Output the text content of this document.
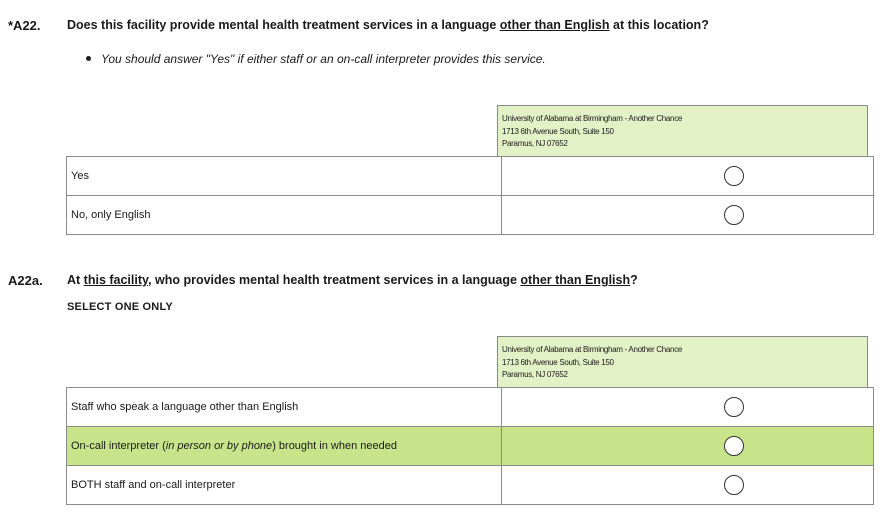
*A22. Does this facility provide mental health treatment services in a language other than English at this location?
You should answer "Yes" if either staff or an on-call interpreter provides this service.
University of Alabama at Birmingham - Another Chance
1713 6th Avenue South, Suite 150
Paramus, NJ 07652
Yes	
No, only English	
A22a. At this facility, who provides mental health treatment services in a language other than English?
SELECT ONE ONLY
University of Alabama at Birmingham - Another Chance
1713 6th Avenue South, Suite 150
Paramus, NJ 07652
Staff who speak a language other than English	
On-call interpreter (in person or by phone) brought in when needed	
BOTH staff and on-call interpreter	
